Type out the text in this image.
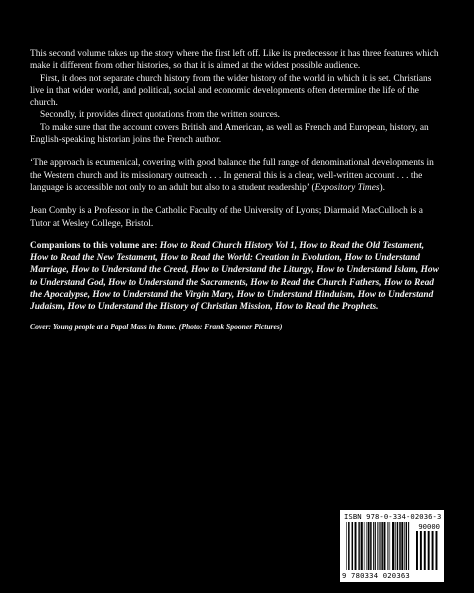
This second volume takes up the story where the first left off. Like its predecessor it has three features which make it different from other histories, so that it is aimed at the widest possible audience.

First, it does not separate church history from the wider history of the world in which it is set. Christians live in that wider world, and political, social and economic developments often determine the life of the church.

Secondly, it provides direct quotations from the written sources.

To make sure that the account covers British and American, as well as French and European, history, an English-speaking historian joins the French author.

‘The approach is ecumenical, covering with good balance the full range of denominational developments in the Western church and its missionary outreach . . . In general this is a clear, well-written account . . . the language is accessible not only to an adult but also to a student readership’ (Expository Times).

Jean Comby is a Professor in the Catholic Faculty of the University of Lyons; Diarmaid MacCulloch is a Tutor at Wesley College, Bristol.

Companions to this volume are: How to Read Church History Vol 1, How to Read the Old Testament, How to Read the New Testament, How to Read the World: Creation in Evolution, How to Understand Marriage, How to Understand the Creed, How to Understand the Liturgy, How to Understand Islam, How to Understand God, How to Understand the Sacraments, How to Read the Church Fathers, How to Read the Apocalypse, How to Understand the Virgin Mary, How to Understand Hinduism, How to Understand Judaism, How to Understand the History of Christian Mission, How to Read the Prophets.

Cover: Young people at a Papal Mass in Rome. (Photo: Frank Spooner Pictures)

ISBN 978-0-334-02036-3
90000
9 780334 020363
